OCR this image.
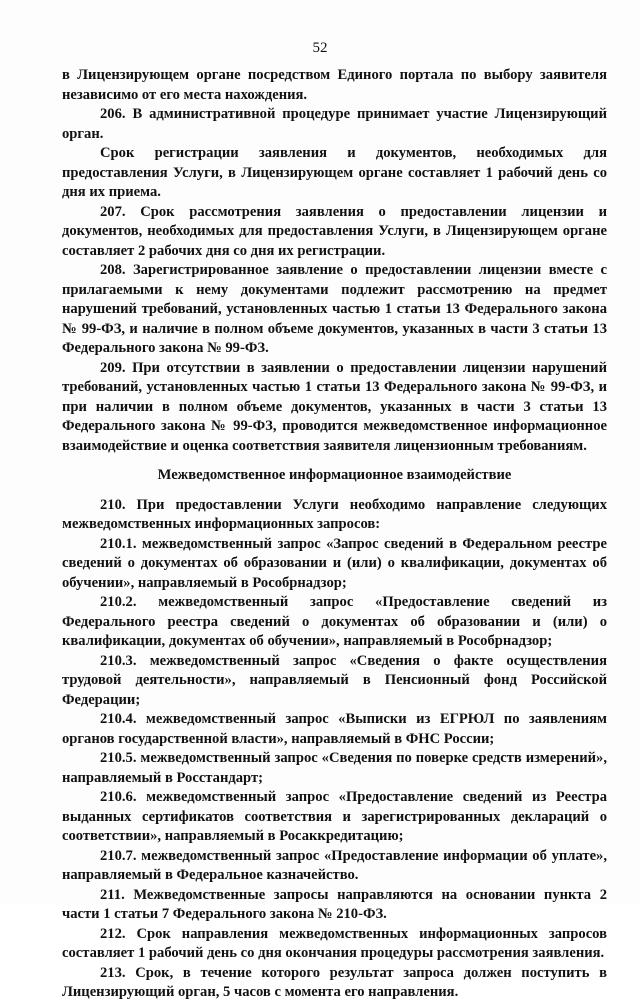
52

в Лицензирующем органе посредством Единого портала по выбору заявителя независимо от его места нахождения.

206. В административной процедуре принимает участие Лицензирующий орган.

Срок регистрации заявления и документов, необходимых для предоставления Услуги, в Лицензирующем органе составляет 1 рабочий день со дня их приема.

207. Срок рассмотрения заявления о предоставлении лицензии и документов, необходимых для предоставления Услуги, в Лицензирующем органе составляет 2 рабочих дня со дня их регистрации.

208. Зарегистрированное заявление о предоставлении лицензии вместе с прилагаемыми к нему документами подлежит рассмотрению на предмет нарушений требований, установленных частью 1 статьи 13 Федерального закона № 99-ФЗ, и наличие в полном объеме документов, указанных в части 3 статьи 13 Федерального закона № 99-ФЗ.

209. При отсутствии в заявлении о предоставлении лицензии нарушений требований, установленных частью 1 статьи 13 Федерального закона № 99-ФЗ, и при наличии в полном объеме документов, указанных в части 3 статьи 13 Федерального закона № 99-ФЗ, проводится межведомственное информационное взаимодействие и оценка соответствия заявителя лицензионным требованиям.

Межведомственное информационное взаимодействие

210. При предоставлении Услуги необходимо направление следующих межведомственных информационных запросов:

210.1. межведомственный запрос «Запрос сведений в Федеральном реестре сведений о документах об образовании и (или) о квалификации, документах об обучении», направляемый в Рособрнадзор;

210.2. межведомственный запрос «Предоставление сведений из Федерального реестра сведений о документах об образовании и (или) о квалификации, документах об обучении», направляемый в Рособрнадзор;

210.3. межведомственный запрос «Сведения о факте осуществления трудовой деятельности», направляемый в Пенсионный фонд Российской Федерации;

210.4. межведомственный запрос «Выписки из ЕГРЮЛ по заявлениям органов государственной власти», направляемый в ФНС России;

210.5. межведомственный запрос «Сведения по поверке средств измерений», направляемый в Росстандарт;

210.6. межведомственный запрос «Предоставление сведений из Реестра выданных сертификатов соответствия и зарегистрированных деклараций о соответствии», направляемый в Росаккредитацию;

210.7. межведомственный запрос «Предоставление информации об уплате», направляемый в Федеральное казначейство.

211. Межведомственные запросы направляются на основании пункта 2 части 1 статьи 7 Федерального закона № 210-ФЗ.

212. Срок направления межведомственных информационных запросов составляет 1 рабочий день со дня окончания процедуры рассмотрения заявления.

213. Срок, в течение которого результат запроса должен поступить в Лицензирующий орган, 5 часов с момента его направления.
